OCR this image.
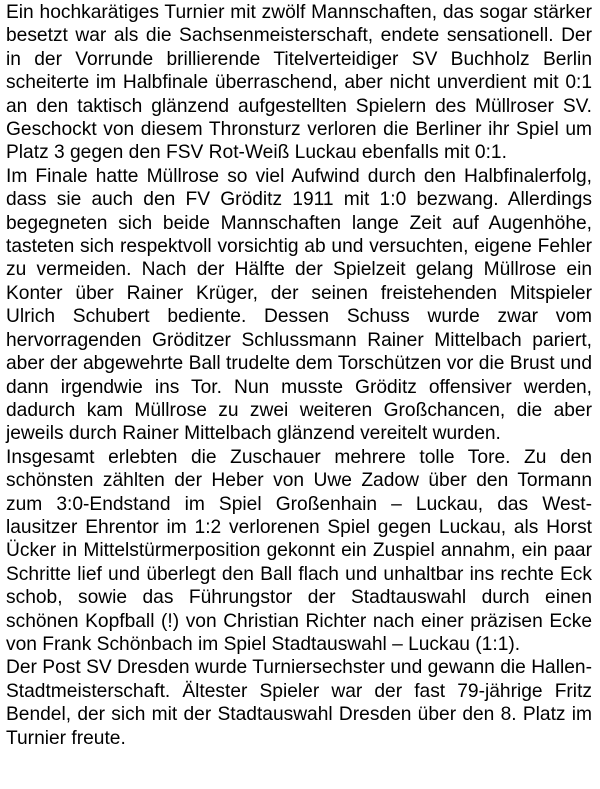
Ein hochkarätiges Turnier mit zwölf Mannschaften, das sogar stärker besetzt war als die Sachsenmeisterschaft, endete sensationell. Der in der Vorrunde brillierende Titelverteidiger SV Buchholz Berlin scheiterte im Halbfinale überraschend, aber nicht unverdient mit 0:1 an den taktisch glänzend aufgestellten Spielern des Müllroser SV. Geschockt von diesem Thronsturz verloren die Berliner ihr Spiel um Platz 3 gegen den FSV Rot-Weiß Luckau ebenfalls mit 0:1.

Im Finale hatte Müllrose so viel Aufwind durch den Halbfinalerfolg, dass sie auch den FV Gröditz 1911 mit 1:0 bezwang. Allerdings begegneten sich beide Mannschaften lange Zeit auf Augenhöhe, tasteten sich respektvoll vorsichtig ab und versuchten, eigene Fehler zu vermeiden. Nach der Hälfte der Spielzeit gelang Müllrose ein Konter über Rainer Krüger, der seinen freistehenden Mitspieler Ulrich Schubert bediente. Dessen Schuss wurde zwar vom hervorragenden Gröditzer Schlussmann Rainer Mittelbach pariert, aber der abgewehrte Ball trudelte dem Torschützen vor die Brust und dann irgendwie ins Tor. Nun musste Gröditz offensiver werden, dadurch kam Müllrose zu zwei weiteren Großchancen, die aber jeweils durch Rainer Mittelbach glänzend vereitelt wurden.

Insgesamt erlebten die Zuschauer mehrere tolle Tore. Zu den schönsten zählten der Heber von Uwe Zadow über den Tormann zum 3:0-Endstand im Spiel Großenhain – Luckau, das West-lausitzer Ehrentor im 1:2 verlorenen Spiel gegen Luckau, als Horst Ücker in Mittelstürmerposition gekonnt ein Zuspiel annahm, ein paar Schritte lief und überlegt den Ball flach und unhaltbar ins rechte Eck schob, sowie das Führungstor der Stadtauswahl durch einen schönen Kopfball (!) von Christian Richter nach einer präzisen Ecke von Frank Schönbach im Spiel Stadtauswahl – Luckau (1:1).

Der Post SV Dresden wurde Turniersechster und gewann die Hallen-Stadtmeisterschaft. Ältester Spieler war der fast 79-jährige Fritz Bendel, der sich mit der Stadtauswahl Dresden über den 8. Platz im Turnier freute.
